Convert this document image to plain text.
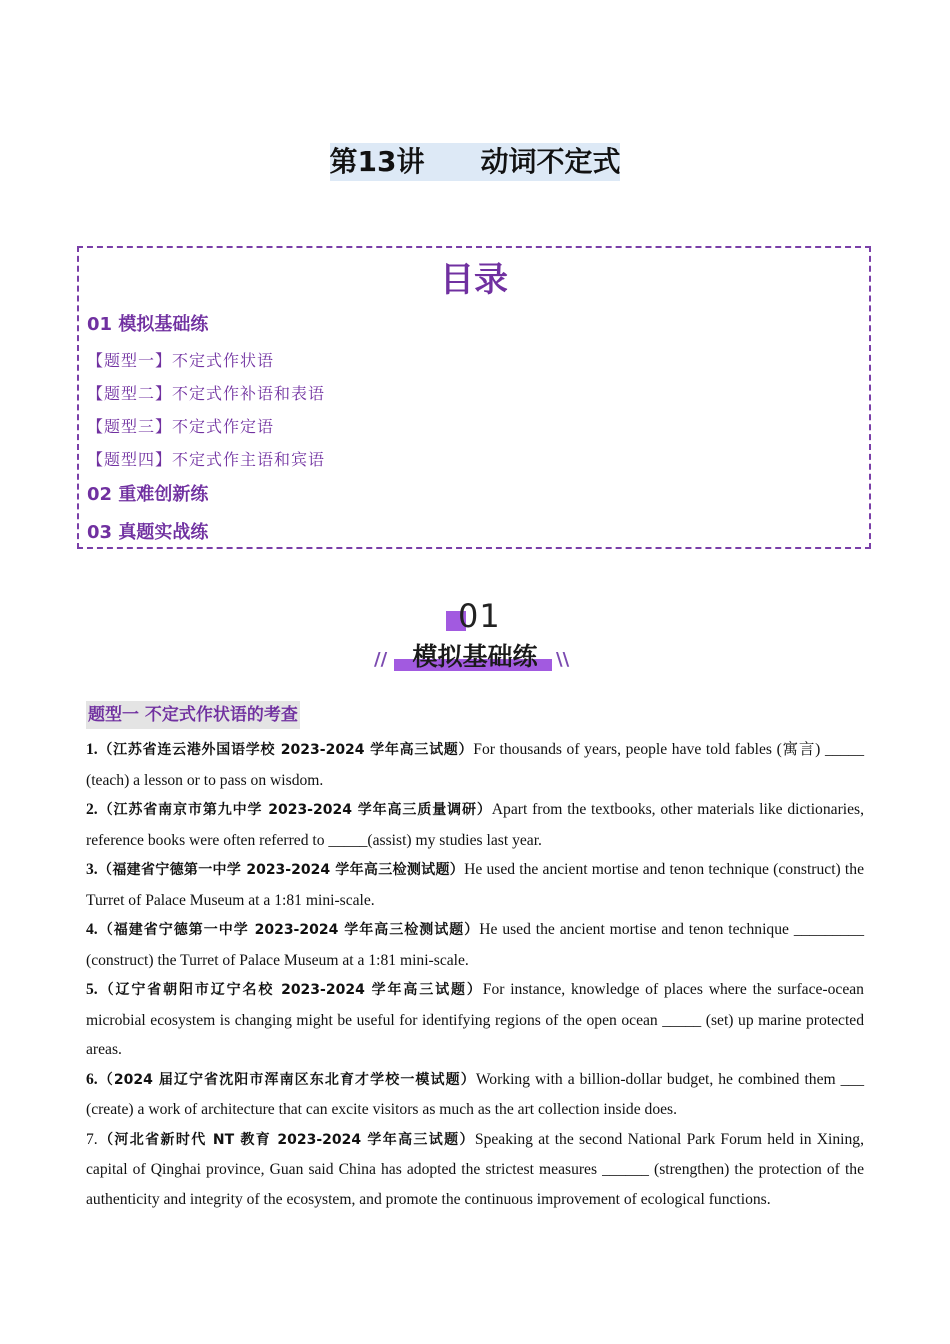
第13讲　　动词不定式
目录
01 模拟基础练
【题型一】不定式作状语
【题型二】不定式作补语和表语
【题型三】不定式作定语
【题型四】不定式作主语和宾语
02 重难创新练
03 真题实战练
01
模拟基础练
//	\\
题型一 不定式作状语的考查

1.（江苏省连云港外国语学校 2023-2024 学年高三试题）For thousands of years, people have told fables (寓言) _____ (teach) a lesson or to pass on wisdom.

2.（江苏省南京市第九中学 2023-2024 学年高三质量调研）Apart from the textbooks, other materials like dictionaries, reference books were often referred to _____(assist) my studies last year.

3.（福建省宁德第一中学 2023-2024 学年高三检测试题）He used the ancient mortise and tenon technique (construct) the Turret of Palace Museum at a 1:81 mini-scale.

4.（福建省宁德第一中学 2023-2024 学年高三检测试题）He used the ancient mortise and tenon technique _________ (construct) the Turret of Palace Museum at a 1:81 mini-scale.

5.（辽宁省朝阳市辽宁名校 2023-2024 学年高三试题）For instance, knowledge of places where the surface-ocean microbial ecosystem is changing might be useful for identifying regions of the open ocean _____ (set) up marine protected areas.

6.（2024 届辽宁省沈阳市浑南区东北育才学校一模试题）Working with a billion-dollar budget, he combined them ___ (create) a work of architecture that can excite visitors as much as the art collection inside does.

7.（河北省新时代 NT 教育 2023-2024 学年高三试题）Speaking at the second National Park Forum held in Xining, capital of Qinghai province, Guan said China has adopted the strictest measures ______ (strengthen) the protection of the authenticity and integrity of the ecosystem, and promote the continuous improvement of ecological functions.
